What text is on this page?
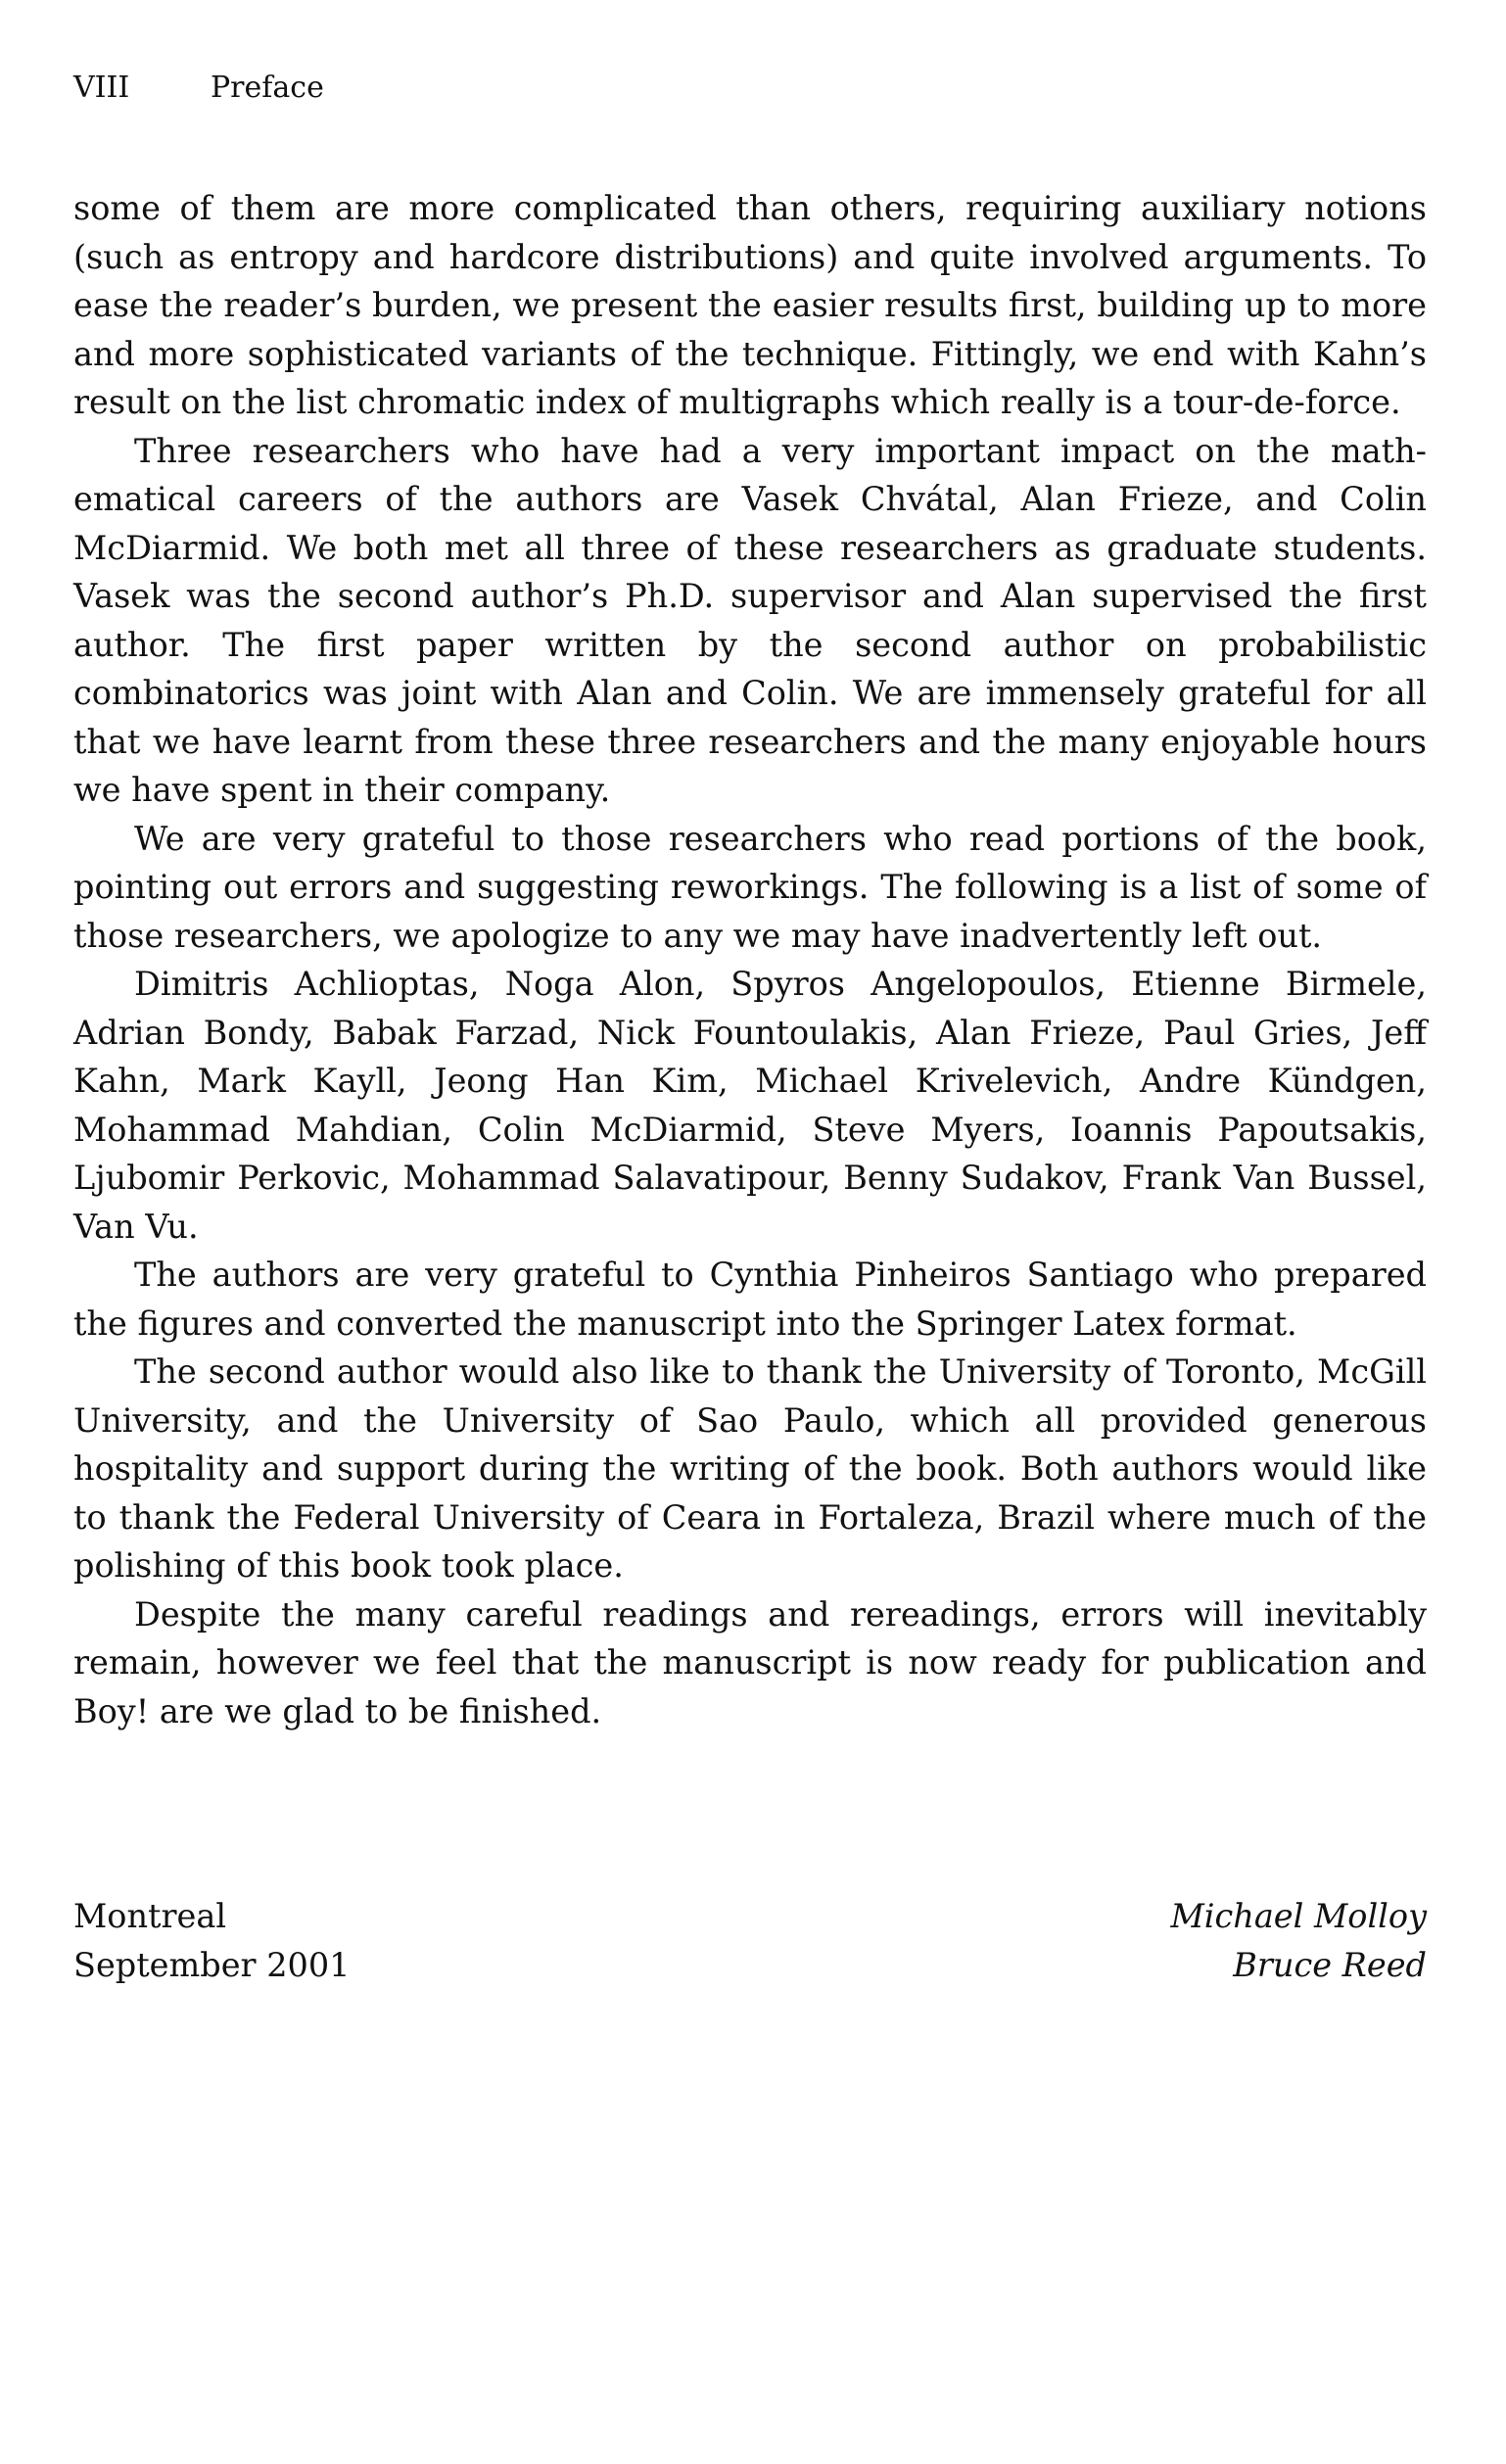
VIII	Preface

some of them are more complicated than others, requiring auxiliary notions (such as entropy and hardcore distributions) and quite involved arguments. To ease the reader’s burden, we present the easier results first, building up to more and more sophisticated variants of the technique. Fittingly, we end with Kahn’s result on the list chromatic index of multigraphs which really is a tour-de-force.

Three researchers who have had a very important impact on the mathematical careers of the authors are Vasek Chvátal, Alan Frieze, and Colin McDiarmid. We both met all three of these researchers as graduate students. Vasek was the second author’s Ph.D. supervisor and Alan supervised the first author. The first paper written by the second author on probabilistic combinatorics was joint with Alan and Colin. We are immensely grateful for all that we have learnt from these three researchers and the many enjoyable hours we have spent in their company.

We are very grateful to those researchers who read portions of the book, pointing out errors and suggesting reworkings. The following is a list of some of those researchers, we apologize to any we may have inadvertently left out.

Dimitris Achlioptas, Noga Alon, Spyros Angelopoulos, Etienne Birmele, Adrian Bondy, Babak Farzad, Nick Fountoulakis, Alan Frieze, Paul Gries, Jeff Kahn, Mark Kayll, Jeong Han Kim, Michael Krivelevich, Andre Kündgen, Mohammad Mahdian, Colin McDiarmid, Steve Myers, Ioannis Papoutsakis, Ljubomir Perkovic, Mohammad Salavatipour, Benny Sudakov, Frank Van Bussel, Van Vu.

The authors are very grateful to Cynthia Pinheiros Santiago who prepared the figures and converted the manuscript into the Springer Latex format.

The second author would also like to thank the University of Toronto, McGill University, and the University of Sao Paulo, which all provided generous hospitality and support during the writing of the book. Both authors would like to thank the Federal University of Ceara in Fortaleza, Brazil where much of the polishing of this book took place.

Despite the many careful readings and rereadings, errors will inevitably remain, however we feel that the manuscript is now ready for publication and Boy! are we glad to be finished.

Montreal
September 2001
Michael Molloy
Bruce Reed
